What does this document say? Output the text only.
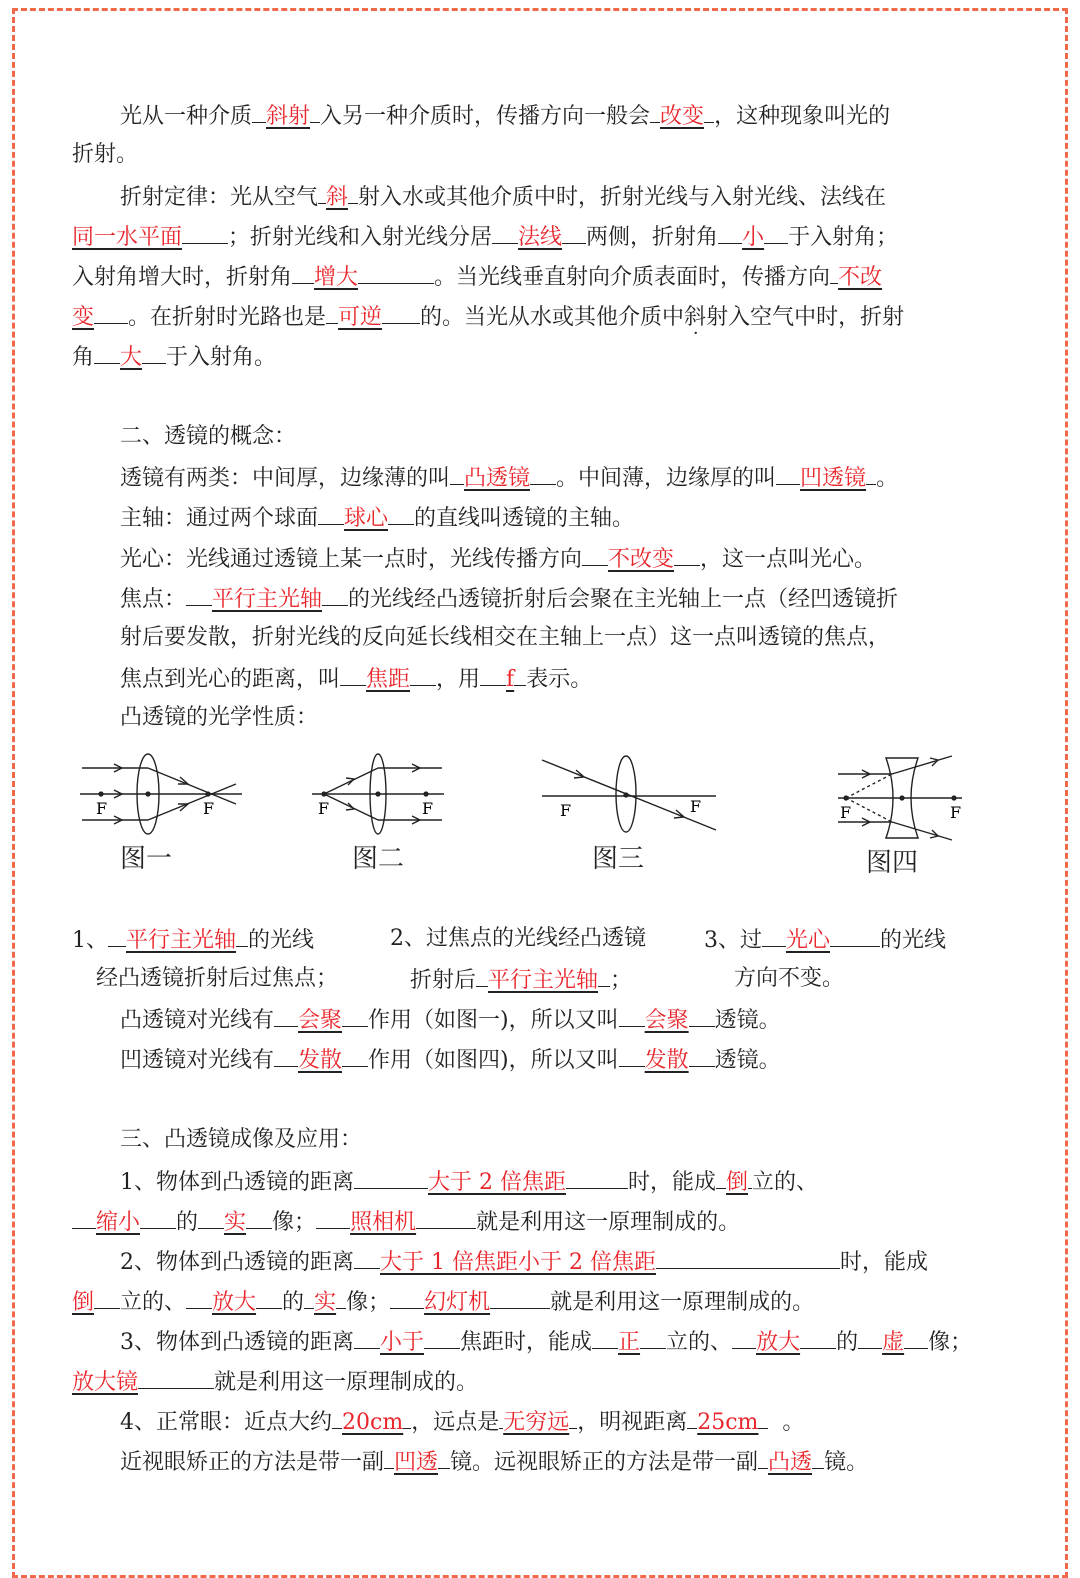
光从一种介质 斜射 入另一种介质时，传播方向一般会 改变 ，这种现象叫光的
折射。
折射定律：光从空气 斜 射入水或其他介质中时，折射光线与入射光线、法线在
同一水平面 ；折射光线和入射光线分居 法线 两侧，折射角 小 于入射角；
入射角增大时，折射角 增大	。当光线垂直射向介质表面时，传播方向 不改
变 。在折射时光路也是 可逆 的。当光从水或其他介质中斜射入空气中时，折射
角 大 于入射角。
二、透镜的概念：
透镜有两类：中间厚，边缘薄的叫 凸透镜 。中间薄，边缘厚的叫 凹透镜 。
主轴：通过两个球面 球心 的直线叫透镜的主轴。
光心：光线通过透镜上某一点时，光线传播方向 不改变 ，这一点叫光心。
焦点： 平行主光轴 的光线经凸透镜折射后会聚在主光轴上一点（经凹透镜折
射后要发散，折射光线的反向延长线相交在主轴上一点）这一点叫透镜的焦点，
焦点到光心的距离，叫 焦距 ，用 f 表示。
凸透镜的光学性质：
F	F
图一
F	F
图二
F	F
图三
F	F
图四
1、 平行主光轴 的光线	2、过焦点的光线经凸透镜	3、过 光心 的光线
经凸透镜折射后过焦点；	折射后 平行主光轴 ；	方向不变。
凸透镜对光线有 会聚 作用（如图一)，所以又叫 会聚 透镜。
凹透镜对光线有 发散 作用（如图四)，所以又叫 发散 透镜。
三、凸透镜成像及应用：
1、物体到凸透镜的距离	大于 2 倍焦距	时，能成 倒 立的、
缩小 的 实 像； 照相机	就是利用这一原理制成的。
2、物体到凸透镜的距离 大于 1 倍焦距小于 2 倍焦距	时，能成
倒 立的、 放大 的 实 像； 幻灯机	就是利用这一原理制成的。
3、物体到凸透镜的距离 小于 焦距时，能成 正 立的、 放大 的 虚 像；
放大镜	就是利用这一原理制成的。
4、正常眼：近点大约 20cm ，远点是 无穷远 ，明视距离 25cm 。
近视眼矫正的方法是带一副 凹透 镜。远视眼矫正的方法是带一副 凸透 镜。
